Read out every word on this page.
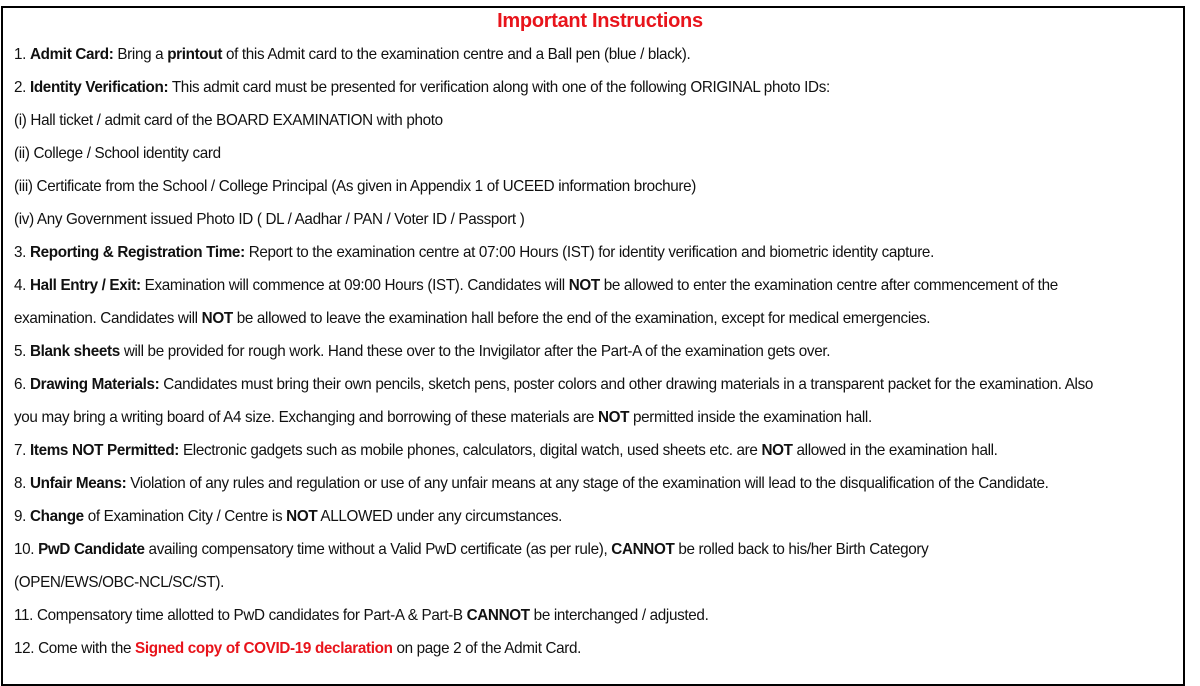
Important Instructions
1. Admit Card: Bring a printout of this Admit card to the examination centre and a Ball pen (blue / black).
2. Identity Verification: This admit card must be presented for verification along with one of the following ORIGINAL photo IDs:
(i) Hall ticket / admit card of the BOARD EXAMINATION with photo
(ii) College / School identity card
(iii) Certificate from the School / College Principal (As given in Appendix 1 of UCEED information brochure)
(iv) Any Government issued Photo ID ( DL / Aadhar / PAN / Voter ID / Passport )
3. Reporting & Registration Time: Report to the examination centre at 07:00 Hours (IST) for identity verification and biometric identity capture.
4. Hall Entry / Exit: Examination will commence at 09:00 Hours (IST). Candidates will NOT be allowed to enter the examination centre after commencement of the
examination. Candidates will NOT be allowed to leave the examination hall before the end of the examination, except for medical emergencies.
5. Blank sheets will be provided for rough work. Hand these over to the Invigilator after the Part-A of the examination gets over.
6. Drawing Materials: Candidates must bring their own pencils, sketch pens, poster colors and other drawing materials in a transparent packet for the examination. Also
you may bring a writing board of A4 size. Exchanging and borrowing of these materials are NOT permitted inside the examination hall.
7. Items NOT Permitted: Electronic gadgets such as mobile phones, calculators, digital watch, used sheets etc. are NOT allowed in the examination hall.
8. Unfair Means: Violation of any rules and regulation or use of any unfair means at any stage of the examination will lead to the disqualification of the Candidate.
9. Change of Examination City / Centre is NOT ALLOWED under any circumstances.
10. PwD Candidate availing compensatory time without a Valid PwD certificate (as per rule), CANNOT be rolled back to his/her Birth Category
(OPEN/EWS/OBC-NCL/SC/ST).
11. Compensatory time allotted to PwD candidates for Part-A & Part-B CANNOT be interchanged / adjusted.
12. Come with the Signed copy of COVID-19 declaration on page 2 of the Admit Card.
